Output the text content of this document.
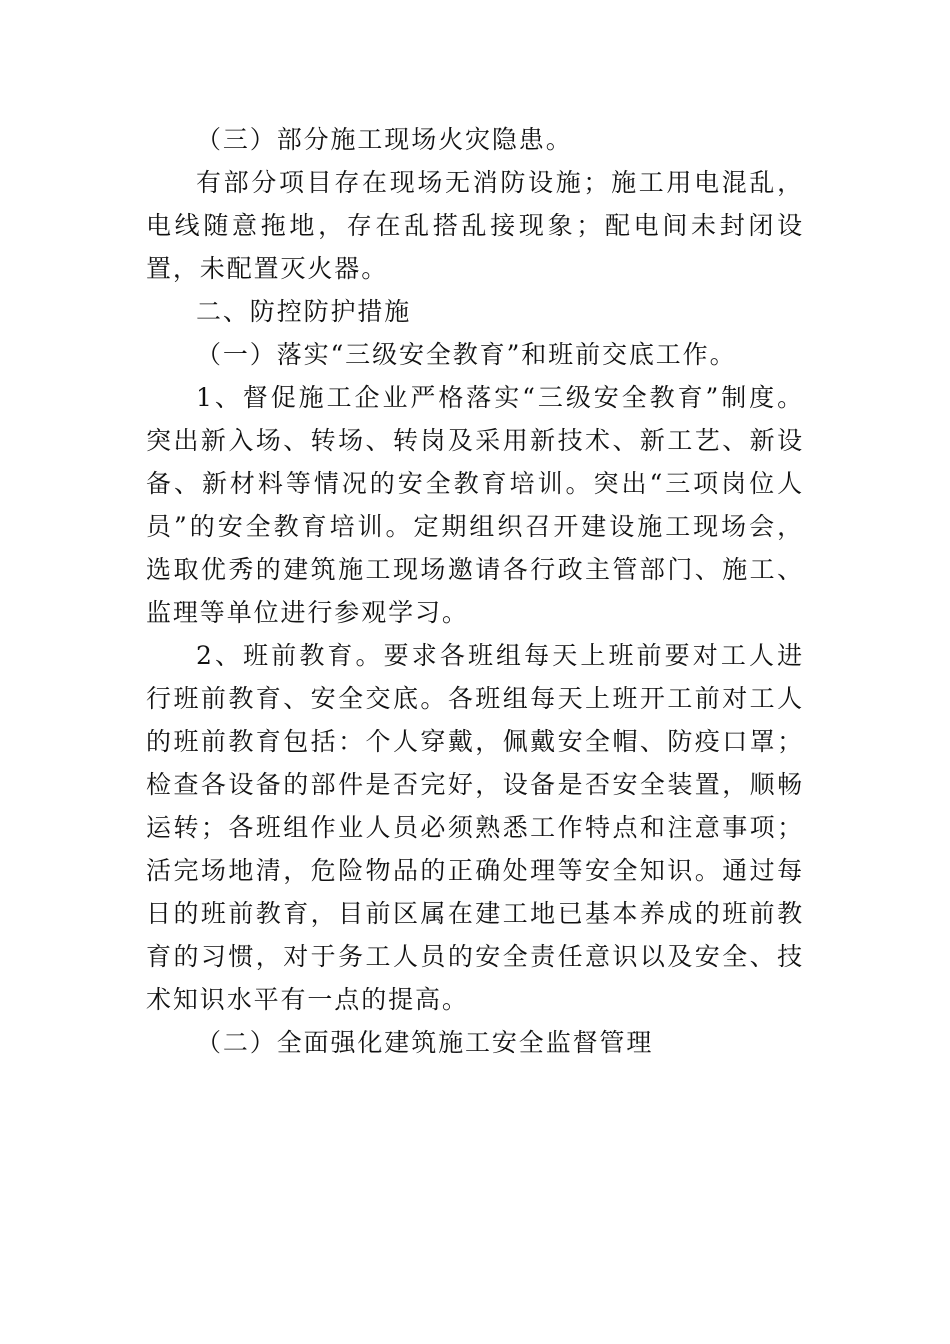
（三）部分施工现场火灾隐患。

有部分项目存在现场无消防设施；施工用电混乱，电线随意拖地，存在乱搭乱接现象；配电间未封闭设置，未配置灭火器。

二、防控防护措施

（一）落实“三级安全教育”和班前交底工作。

1、督促施工企业严格落实“三级安全教育”制度。突出新入场、转场、转岗及采用新技术、新工艺、新设备、新材料等情况的安全教育培训。突出“三项岗位人员”的安全教育培训。定期组织召开建设施工现场会，选取优秀的建筑施工现场邀请各行政主管部门、施工、监理等单位进行参观学习。

2、班前教育。要求各班组每天上班前要对工人进行班前教育、安全交底。各班组每天上班开工前对工人的班前教育包括：个人穿戴，佩戴安全帽、防疫口罩；检查各设备的部件是否完好，设备是否安全装置，顺畅运转；各班组作业人员必须熟悉工作特点和注意事项；活完场地清，危险物品的正确处理等安全知识。通过每日的班前教育，目前区属在建工地已基本养成的班前教育的习惯，对于务工人员的安全责任意识以及安全、技术知识水平有一点的提高。

（二）全面强化建筑施工安全监督管理
